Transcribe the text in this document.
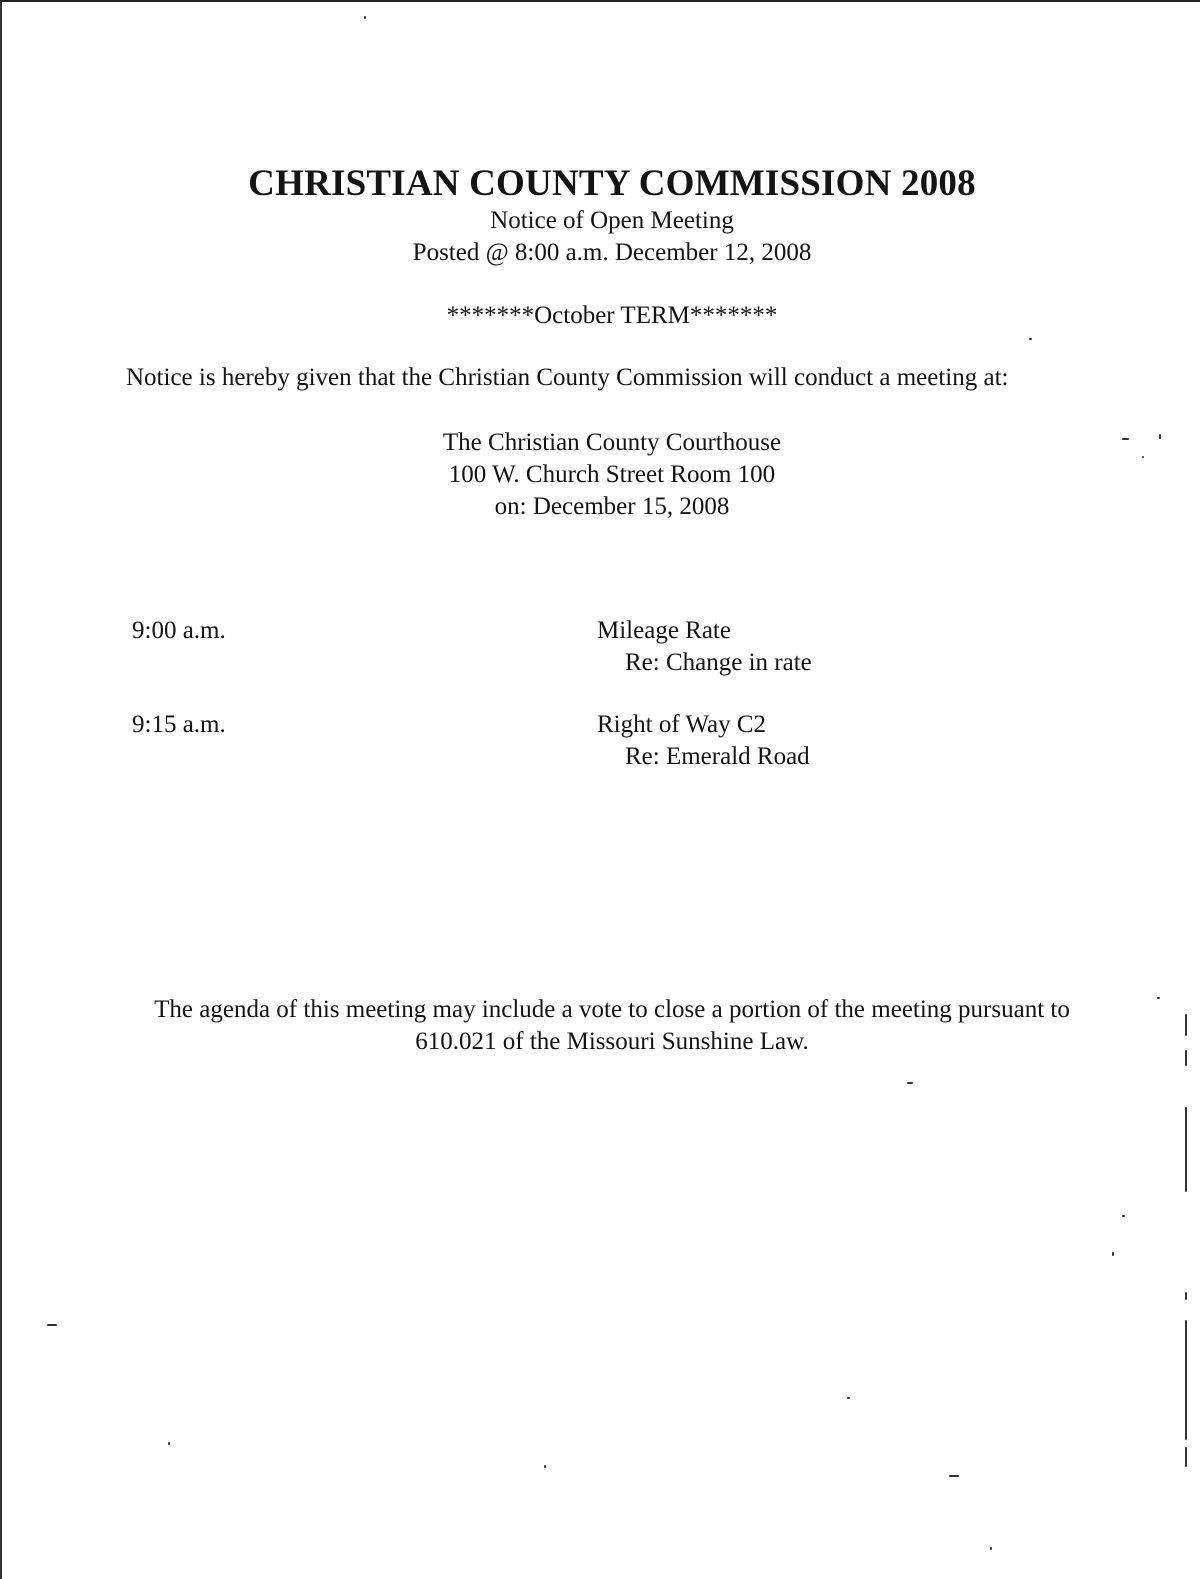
CHRISTIAN COUNTY COMMISSION 2008
Notice of Open Meeting
Posted @ 8:00 a.m. December 12, 2008
*******October TERM*******
Notice is hereby given that the Christian County Commission will conduct a meeting at:
The Christian County Courthouse
100 W. Church Street Room 100
on: December 15, 2008
9:00 a.m.	Mileage Rate
Re: Change in rate
9:15 a.m.	Right of Way C2
Re: Emerald Road
The agenda of this meeting may include a vote to close a portion of the meeting pursuant to
610.021 of the Missouri Sunshine Law.
